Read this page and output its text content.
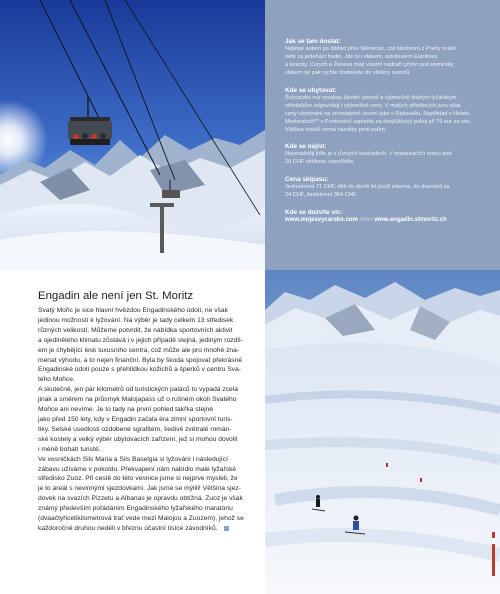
Jak se tam dostat:
Nejlépe autem po dálnici přes Německo, což kilometrů z Prahy zvlád-
nete za jedeňáct hodin. Jde to i vlakem, autobusem Eurolines
a letecky. Curych a Ženeva mají vlastní nádraží přímo pod terminály,
vlakem se pak rychle dostanete do většiny rezortů.
Kde se ubytovat:
Švýcarsko má vysokou životní úroveň a výjimečně dobrým lyžařským
střediskům odpovídají i výjimečné ceny. V malých střediscích jsou však
ceny ubytování na srovnatelné úrovni jako v Rakousku. Například v Hotelu
Morteratsch** v Pontresině zaplatíte za dvojlůžkový pokoj až 79 eur za noc.
Většina hotelů nemá nárokky proti psům.
Kde se najíst:
Nejsnadněji jídlo je s různých tastkodech. V restauracích menu pod
20 CHF většinou nepořídíte.
Cena skipasu:
Jednodenní 71 CHF, děti do devíti let jezdí zdarma, do dvanácti za
24 CHF, šestidenní 364 CHF.
Kde se dozvíte víc:
www.mojesvycarsko.com nebo www.engadin.stmoritz.ch
Engadin ale není jen St. Moritz
Svatý Mořic je sice hlavní hvězdou Engadinského údolí, ne však
jedinou možností k lyžování. Na výběr je tady celkem 13 středisek
různých velikostí. Můžeme potvrdit, že nabídka sportovních aktivit
a ojedinělého klimatu zůstává i v jejich případě stejná, jediným rozdíl-
em je chybějící lesk luxusního centra, což může ale pro mnohé zna-
menat výhodu, a to nejen finanční. Byla by škoda spojovat překrásné
Engadinské údolí pouze s přehlídkou kožichů a šperků v centru Sva-
tého Mořice.
A skutečně, jen pár kilometrů od turistických paláců to vypadá zcela
jinak a směrem na průsmyk Malojapass už o rušném okolí Svatého
Mořice ani nevíme. Je to tady na první pohled takřka stejné
jako před 150 lety, kdy v Engadin začala éra zimní sportovní turis-
tiky. Selské usedlosti ozdobené sgrafitem, šedivé zvětralé román-
ské kostely a velký výběr ubytovacích zařízení, jež si mohou dovolit
i méně bohatí turisté.
Ve vesničkách Sils Maria a Sils Baselgia si lyžování i následující
zábavu užíváme v pokoldu. Překvapení nám nabídlo malé lyžařské
středisko Zuoz. Při cestě do této vesnice jsme si nejprve mysleli, že
je to areál s nevinnými sjezdovkami. Jak jsme se mýlili! Většina sjez-
dovek na svazích Pizzetu a Albanas je opravdu obtížná. Zuoz je však
známý především pořádáním Engadinského lyžařského maratónu
(dvaačtyřicetikilometrová trať vede mezi Malojou a Zuozem), jehož se
každoročně druhou neděli v březnu účastní tisíce závodníků.
